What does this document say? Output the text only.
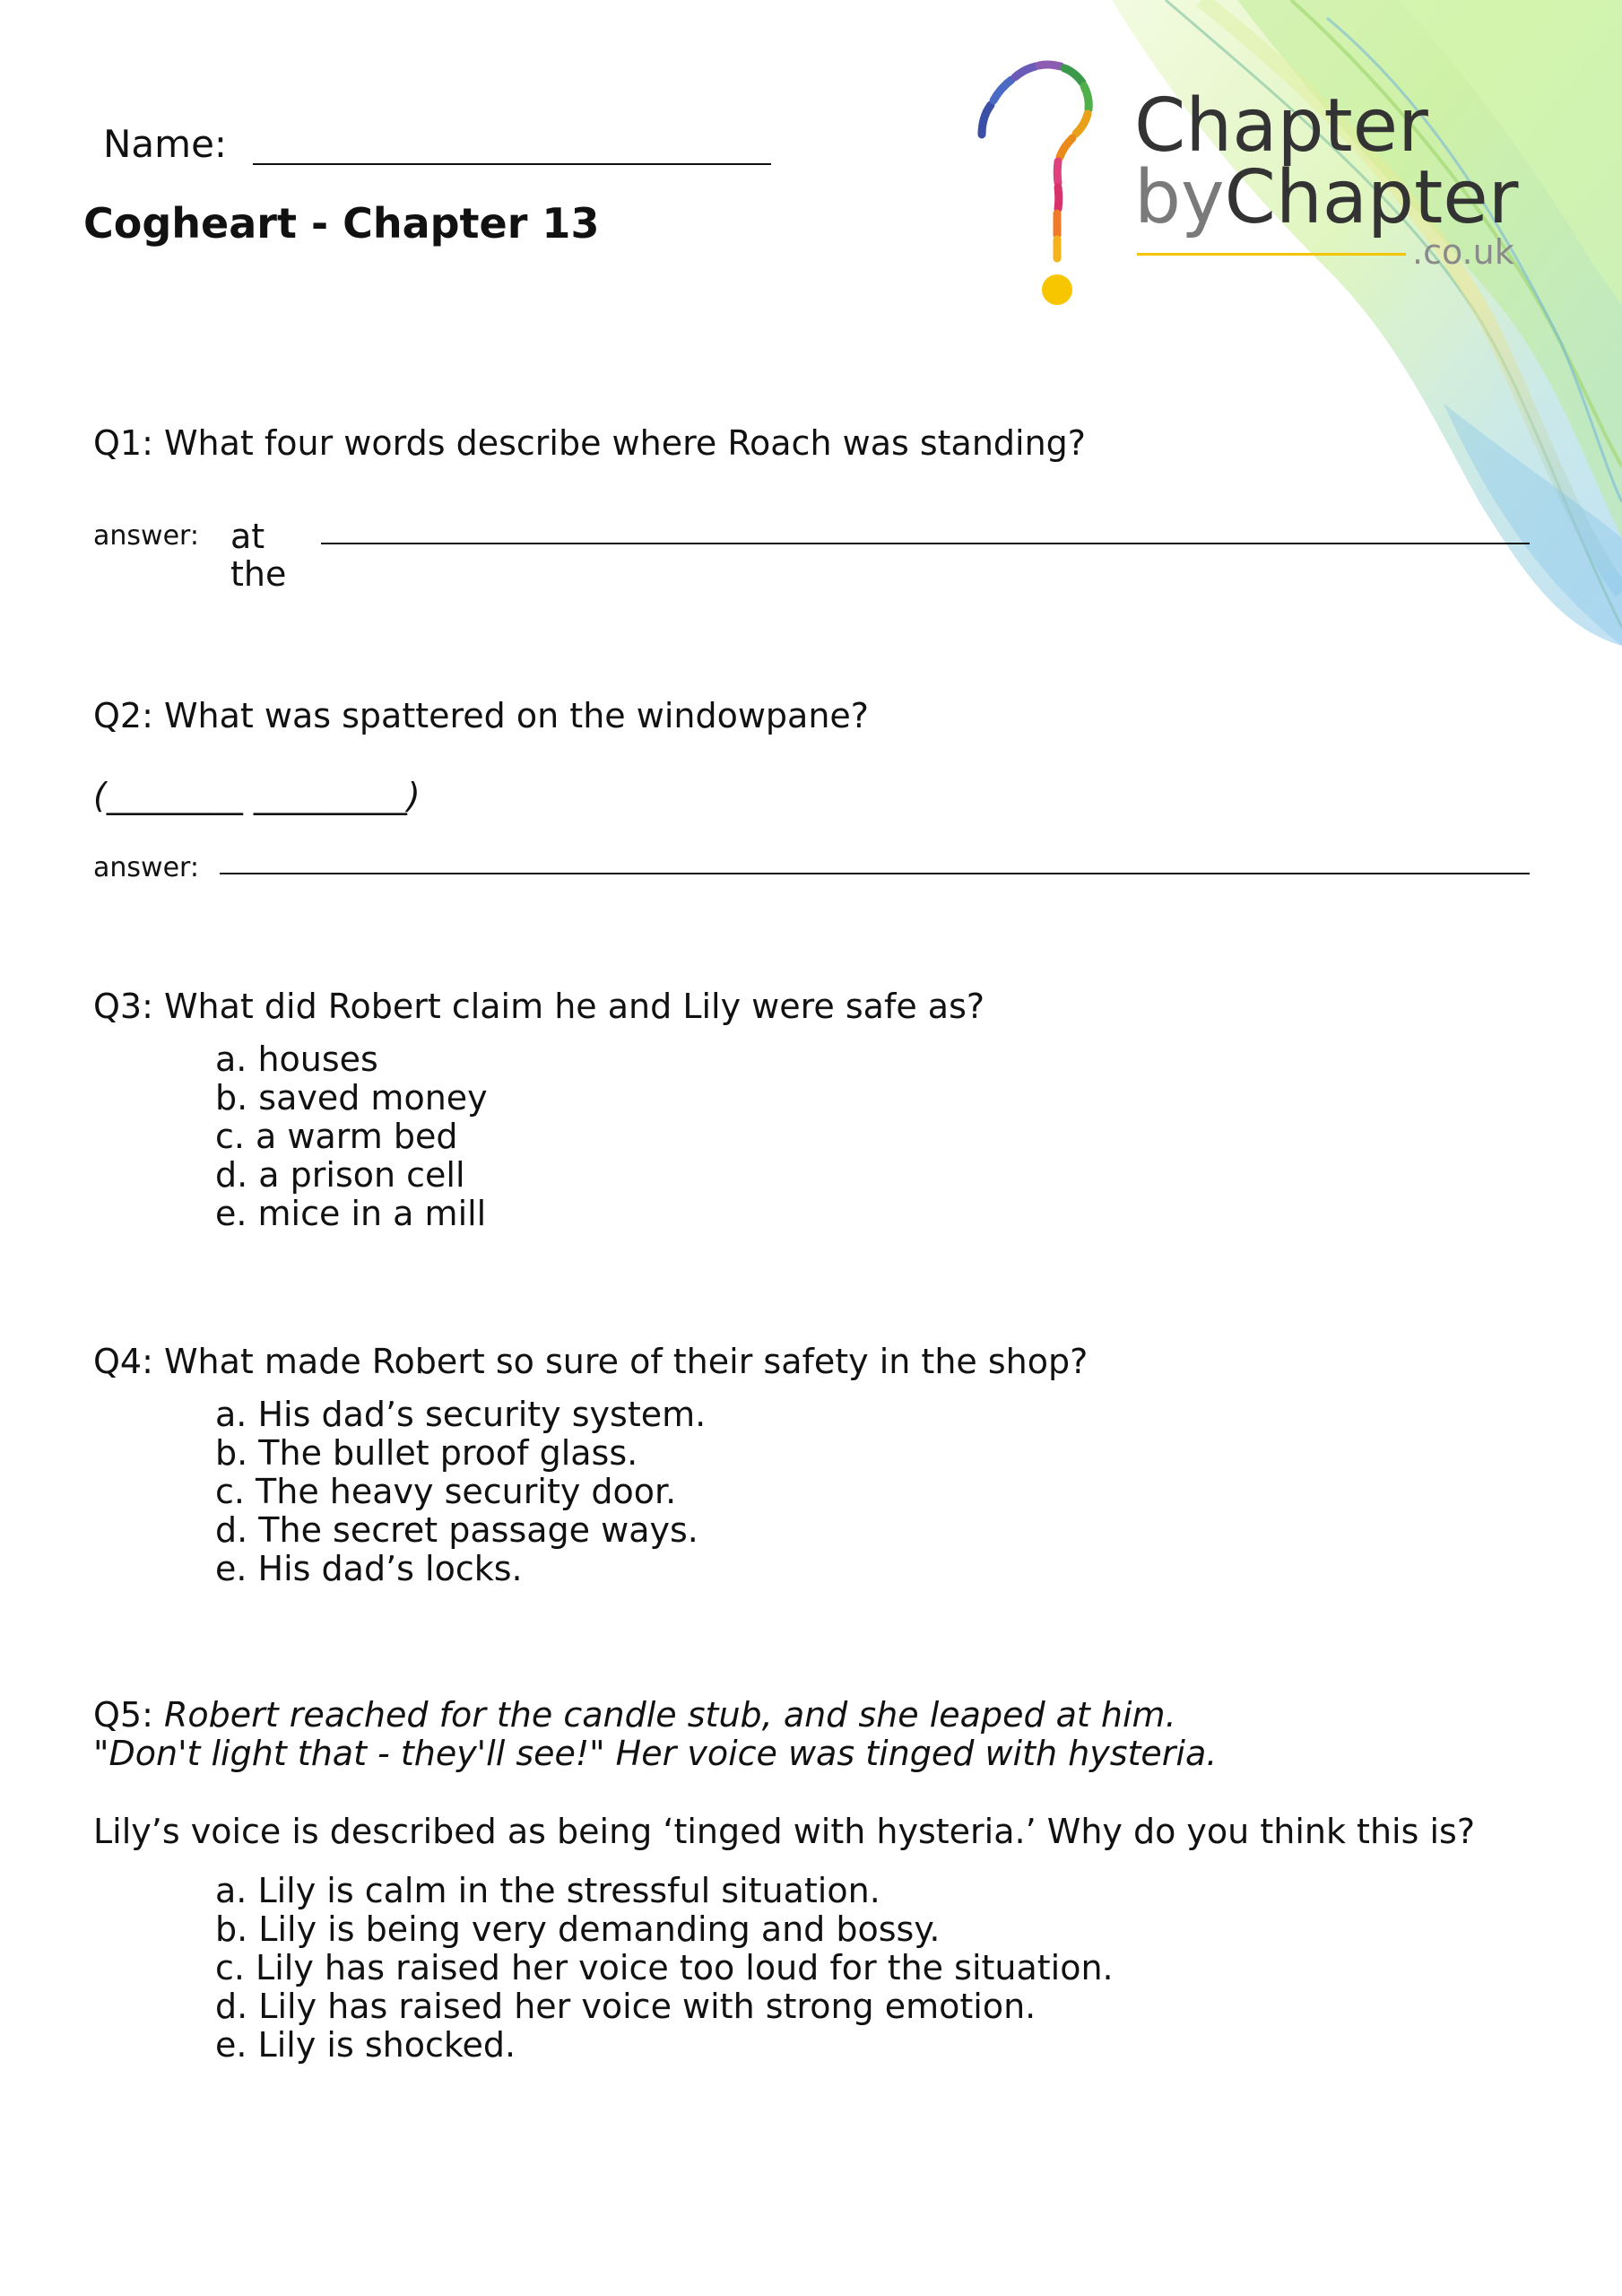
Chapter
byChapter
.co.uk
Name:
Cogheart - Chapter 13
Q1: What four words describe where Roach was standing?
answer: at
the
Q2: What was spattered on the windowpane?
(________ _________)
answer:
Q3: What did Robert claim he and Lily were safe as?
a. houses
b. saved money
c. a warm bed
d. a prison cell
e. mice in a mill
Q4: What made Robert so sure of their safety in the shop?
a. His dad’s security system.
b. The bullet proof glass.
c. The heavy security door.
d. The secret passage ways.
e. His dad’s locks.
Q5: Robert reached for the candle stub, and she leaped at him.
"Don't light that - they'll see!" Her voice was tinged with hysteria.
Lily’s voice is described as being ‘tinged with hysteria.’ Why do you think this is?
a. Lily is calm in the stressful situation.
b. Lily is being very demanding and bossy.
c. Lily has raised her voice too loud for the situation.
d. Lily has raised her voice with strong emotion.
e. Lily is shocked.
